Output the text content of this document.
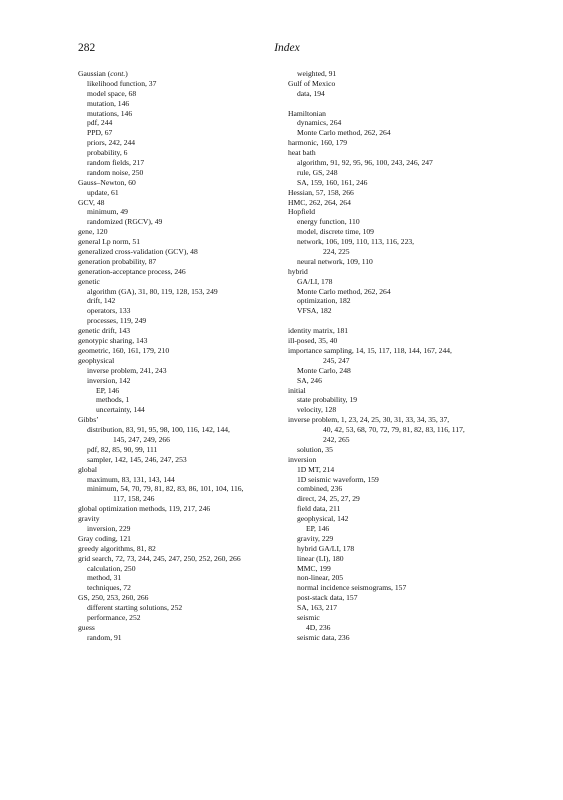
282	Index
Gaussian (cont.)
likelihood function, 37
model space, 68
mutation, 146
mutations, 146
pdf, 244
PPD, 67
priors, 242, 244
probability, 6
random fields, 217
random noise, 250
Gauss–Newton, 60
update, 61
GCV, 48
minimum, 49
randomized (RGCV), 49
gene, 120
general Lp norm, 51
generalized cross-validation (GCV), 48
generation probability, 87
generation-acceptance process, 246
genetic
algorithm (GA), 31, 80, 119, 128, 153, 249
drift, 142
operators, 133
processes, 119, 249
genetic drift, 143
genotypic sharing, 143
geometric, 160, 161, 179, 210
geophysical
inverse problem, 241, 243
inversion, 142
EP, 146
methods, 1
uncertainty, 144
Gibbs’
distribution, 83, 91, 95, 98, 100, 116, 142, 144,
145, 247, 249, 266
pdf, 82, 85, 90, 99, 111
sampler, 142, 145, 246, 247, 253
global
maximum, 83, 131, 143, 144
minimum, 54, 70, 79, 81, 82, 83, 86, 101, 104, 116,
117, 158, 246
global optimization methods, 119, 217, 246
gravity
inversion, 229
Gray coding, 121
greedy algorithms, 81, 82
grid search, 72, 73, 244, 245, 247, 250, 252, 260, 266
calculation, 250
method, 31
techniques, 72
GS, 250, 253, 260, 266
different starting solutions, 252
performance, 252
guess
random, 91
weighted, 91
Gulf of Mexico
data, 194
Hamiltonian
dynamics, 264
Monte Carlo method, 262, 264
harmonic, 160, 179
heat bath
algorithm, 91, 92, 95, 96, 100, 243, 246, 247
rule, GS, 248
SA, 159, 160, 161, 246
Hessian, 57, 158, 266
HMC, 262, 264, 264
Hopfield
energy function, 110
model, discrete time, 109
network, 106, 109, 110, 113, 116, 223,
224, 225
neural network, 109, 110
hybrid
GA/LI, 178
Monte Carlo method, 262, 264
optimization, 182
VFSA, 182
identity matrix, 181
ill-posed, 35, 40
importance sampling, 14, 15, 117, 118, 144, 167, 244,
245, 247
Monte Carlo, 248
SA, 246
initial
state probability, 19
velocity, 128
inverse problem, 1, 23, 24, 25, 30, 31, 33, 34, 35, 37,
40, 42, 53, 68, 70, 72, 79, 81, 82, 83, 116, 117,
242, 265
solution, 35
inversion
1D MT, 214
1D seismic waveform, 159
combined, 236
direct, 24, 25, 27, 29
field data, 211
geophysical, 142
EP, 146
gravity, 229
hybrid GA/LI, 178
linear (LI), 180
MMC, 199
non-linear, 205
normal incidence seismograms, 157
post-stack data, 157
SA, 163, 217
seismic
4D, 236
seismic data, 236
